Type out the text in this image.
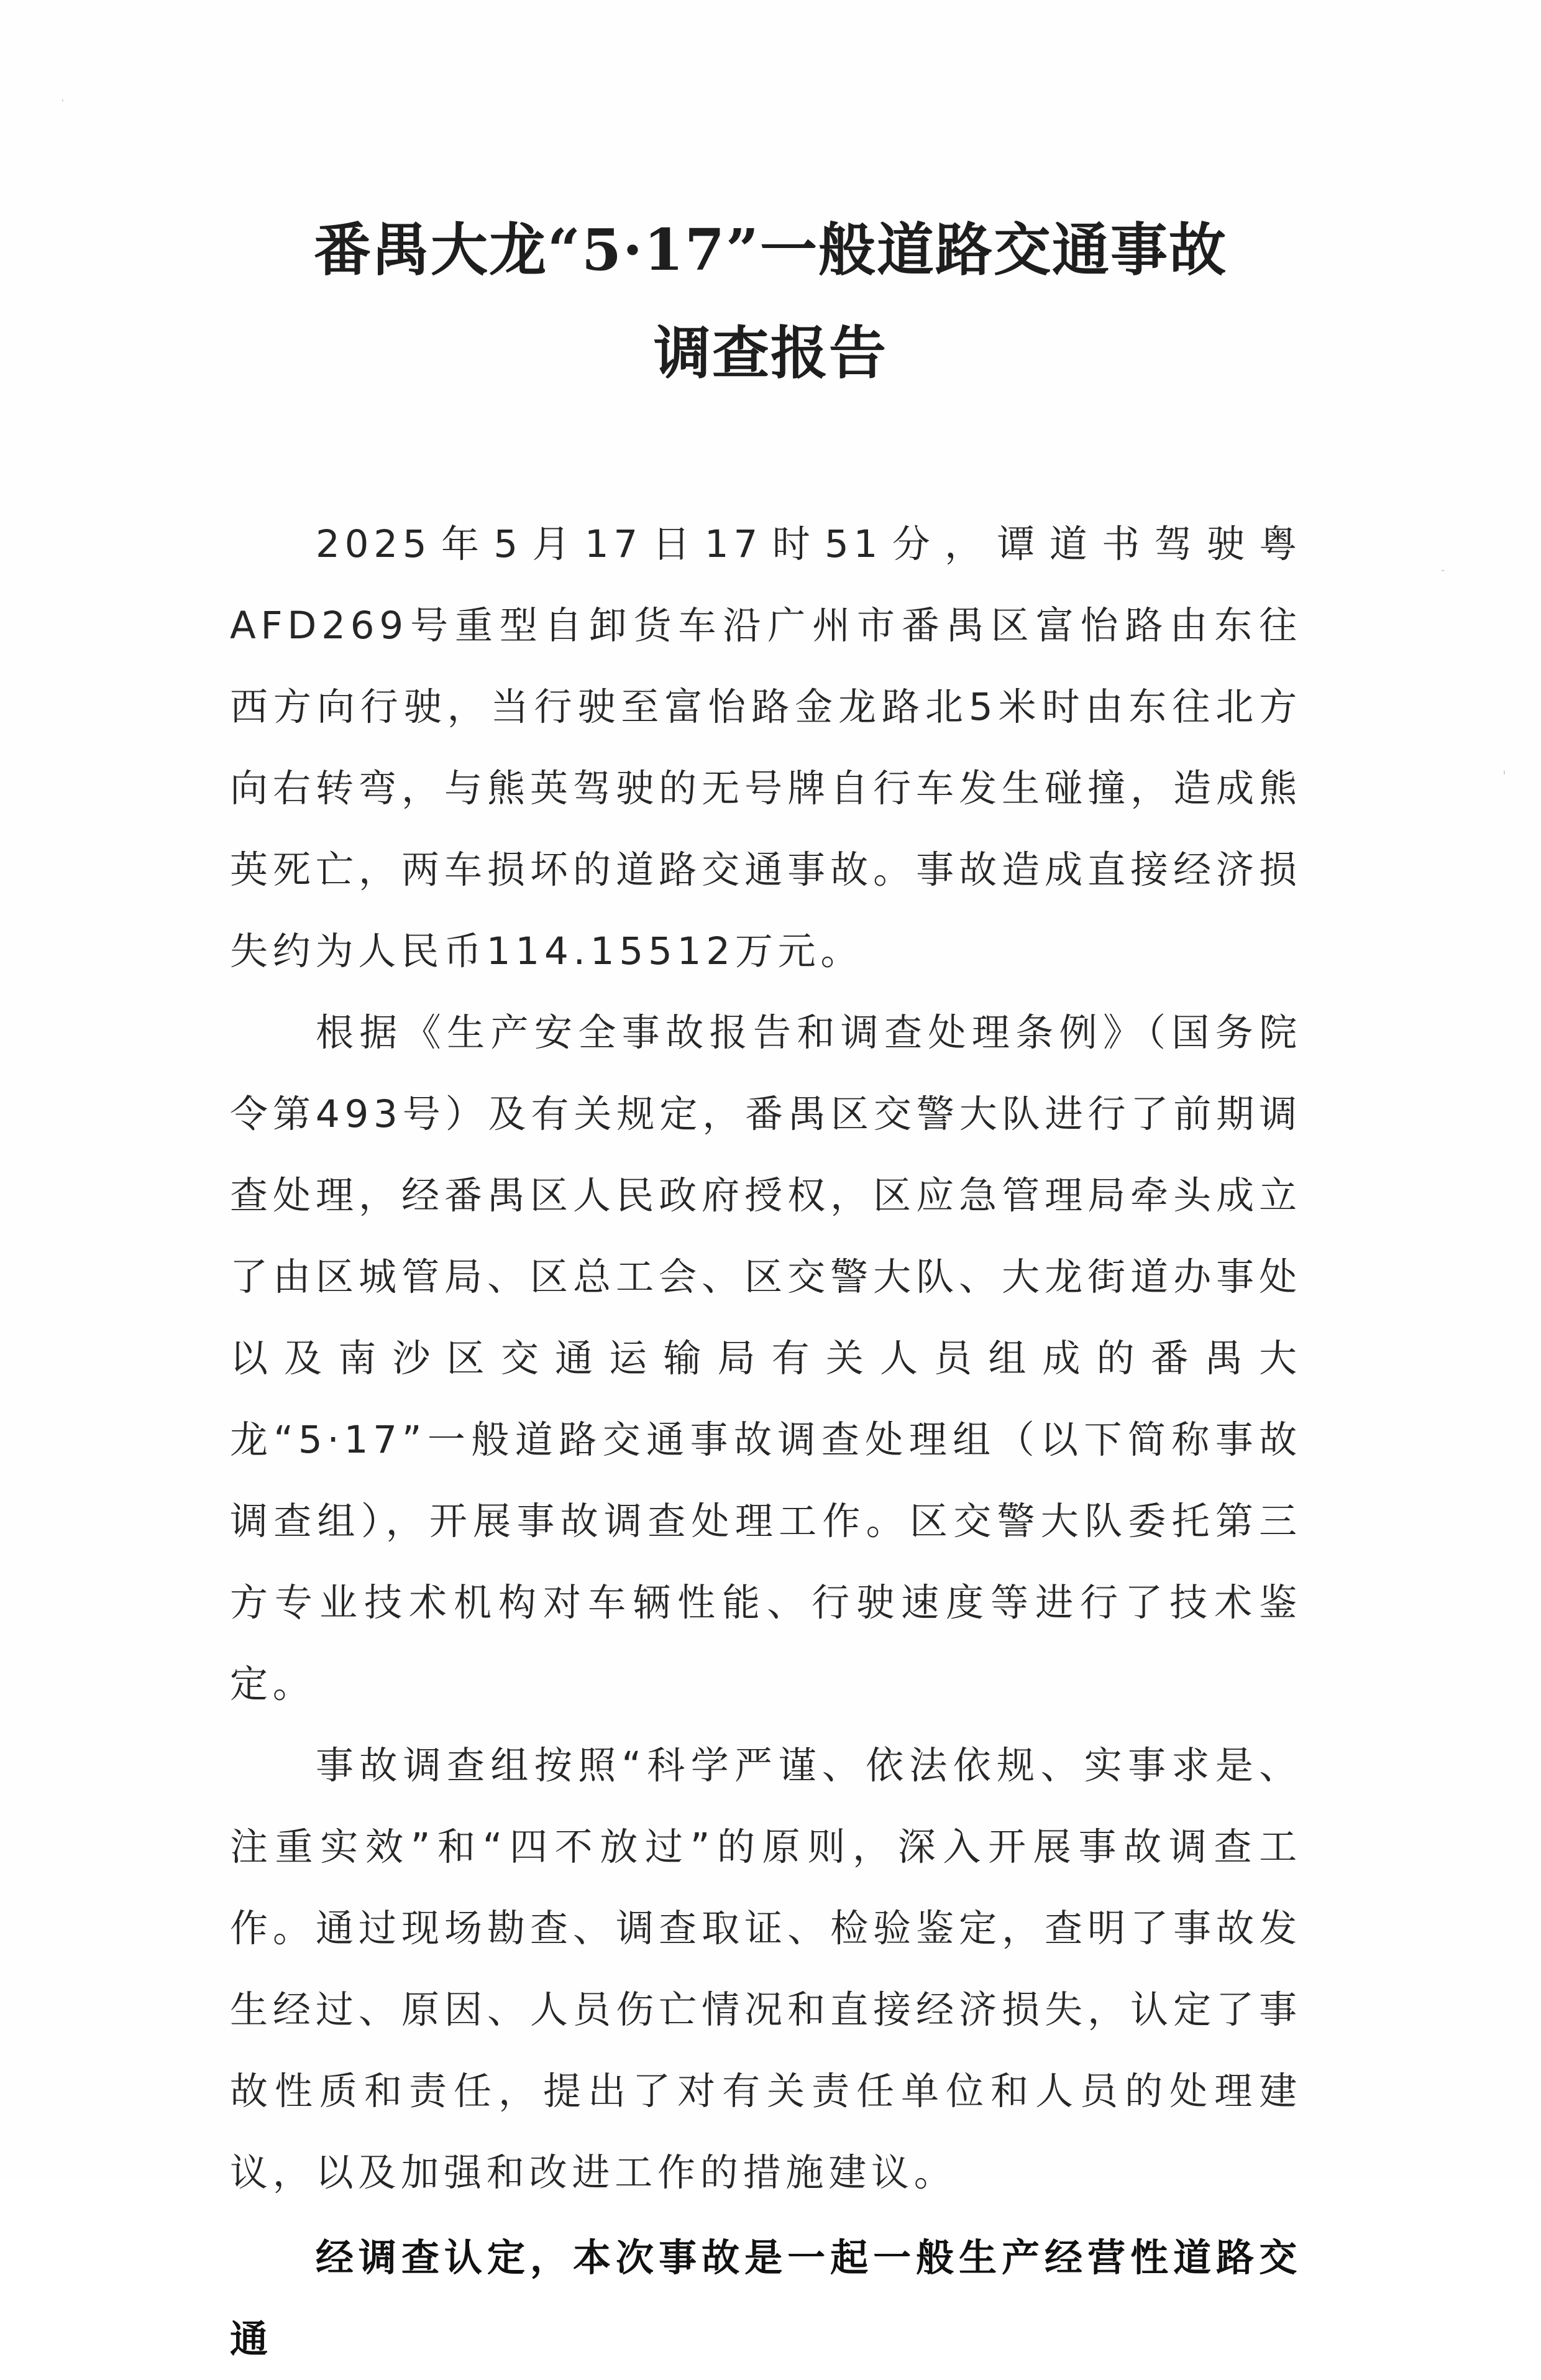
番禺大龙“5·17”一般道路交通事故
调查报告

2025年5月17日17时51分，谭道书驾驶粤AFD269号重型自卸货车沿广州市番禺区富怡路由东往西方向行驶，当行驶至富怡路金龙路北5米时由东往北方向右转弯，与熊英驾驶的无号牌自行车发生碰撞，造成熊英死亡，两车损坏的道路交通事故。事故造成直接经济损失约为人民币114.15512万元。

根据《生产安全事故报告和调查处理条例》（国务院令第493号）及有关规定，番禺区交警大队进行了前期调查处理，经番禺区人民政府授权，区应急管理局牵头成立了由区城管局、区总工会、区交警大队、大龙街道办事处以及南沙区交通运输局有关人员组成的番禺大龙“5·17”一般道路交通事故调查处理组（以下简称事故调查组），开展事故调查处理工作。区交警大队委托第三方专业技术机构对车辆性能、行驶速度等进行了技术鉴定。

事故调查组按照“科学严谨、依法依规、实事求是、注重实效”和“四不放过”的原则，深入开展事故调查工作。通过现场勘查、调查取证、检验鉴定，查明了事故发生经过、原因、人员伤亡情况和直接经济损失，认定了事故性质和责任，提出了对有关责任单位和人员的处理建议，以及加强和改进工作的措施建议。

经调查认定，本次事故是一起一般生产经营性道路交通
